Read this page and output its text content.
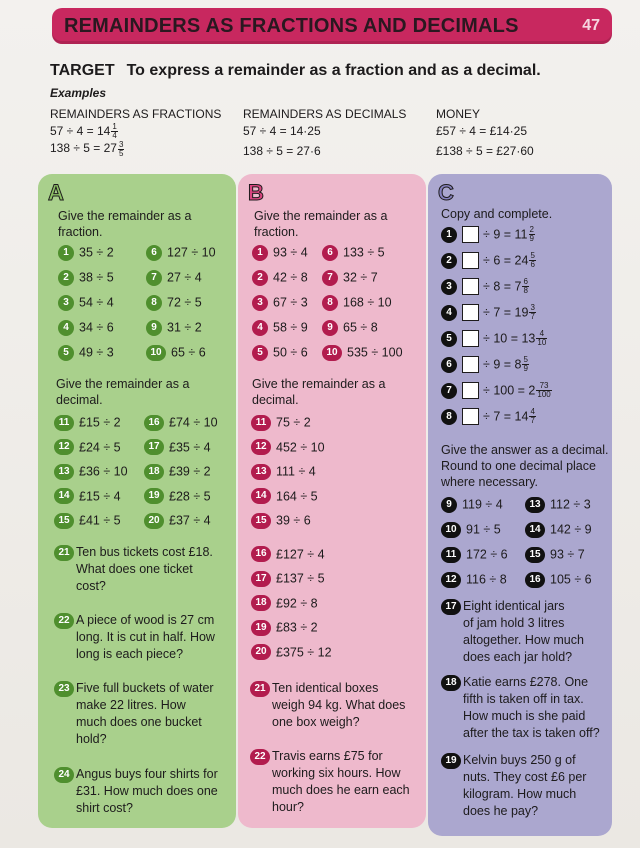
REMAINDERS AS FRACTIONS AND DECIMALS	47
TARGET To express a remainder as a fraction and as a decimal.
Examples
REMAINDERS AS FRACTIONS
$57 \div 4 = 14 \frac{1}{4}$
$138 \div 5 = 27 \frac{3}{5}$
REMAINDERS AS DECIMALS
57 ÷ 4 = 14·25
138 ÷ 5 = 27·6
MONEY
£57 ÷ 4 = £14·25
£138 ÷ 5 = £27·60
A
Give the remainder as a
fraction.
1 35 ÷ 2	6 127 ÷ 10
2 38 ÷ 5	7 27 ÷ 4
3 54 ÷ 4	8 72 ÷ 5
4 34 ÷ 6	9 31 ÷ 2
5 49 ÷ 3	10 65 ÷ 6
Give the remainder as a
decimal.
11 £15 ÷ 2	16 £74 ÷ 10
12 £24 ÷ 5	17 £35 ÷ 4
13 £36 ÷ 10	18 £39 ÷ 2
14 £15 ÷ 4	19 £28 ÷ 5
15 £41 ÷ 5	20 £37 ÷ 4
21 Ten bus tickets cost £18.
What does one ticket
cost?
22 A piece of wood is 27 cm
long. It is cut in half. How
long is each piece?
23 Five full buckets of water
make 22 litres. How
much does one bucket
hold?
24 Angus buys four shirts for
£31. How much does one
shirt cost?
B
Give the remainder as a
fraction.
1 93 ÷ 4	6 133 ÷ 5
2 42 ÷ 8	7 32 ÷ 7
3 67 ÷ 3	8 168 ÷ 10
4 58 ÷ 9	9 65 ÷ 8
5 50 ÷ 6	10 535 ÷ 100
Give the remainder as a
decimal.
11 75 ÷ 2
12 452 ÷ 10
13 111 ÷ 4
14 164 ÷ 5
15 39 ÷ 6
16 £127 ÷ 4
17 £137 ÷ 5
18 £92 ÷ 8
19 £83 ÷ 2
20 £375 ÷ 12
21 Ten identical boxes
weigh 94 kg. What does
one box weigh?
22 Travis earns £75 for
working six hours. How
much does he earn each
hour?
C
Copy and complete.
$1 \div 9 = 11 \frac{2}{9}$
$2 \div 6 = 24 \frac{5}{6}$
$3 \div 8 = 7 \frac{6}{8}$
$4 \div 7 = 19 \frac{3}{7}$
$5 \div 10 = 13 \frac{4}{10}$
$6 \div 9 = 8 \frac{5}{9}$
$7 \div 100 = 2 \frac{73}{100}$
$8 \div 7 = 14 \frac{4}{7}$
Give the answer as a decimal.
Round to one decimal place
where necessary.
9 119 ÷ 4	13 112 ÷ 3
10 91 ÷ 5	14 142 ÷ 9
11 172 ÷ 6	15 93 ÷ 7
12 116 ÷ 8	16 105 ÷ 6
17 Eight identical jars
of jam hold 3 litres
altogether. How much
does each jar hold?
18 Katie earns £278. One
fifth is taken off in tax.
How much is she paid
after the tax is taken off?
19 Kelvin buys 250 g of
nuts. They cost £6 per
kilogram. How much
does he pay?
